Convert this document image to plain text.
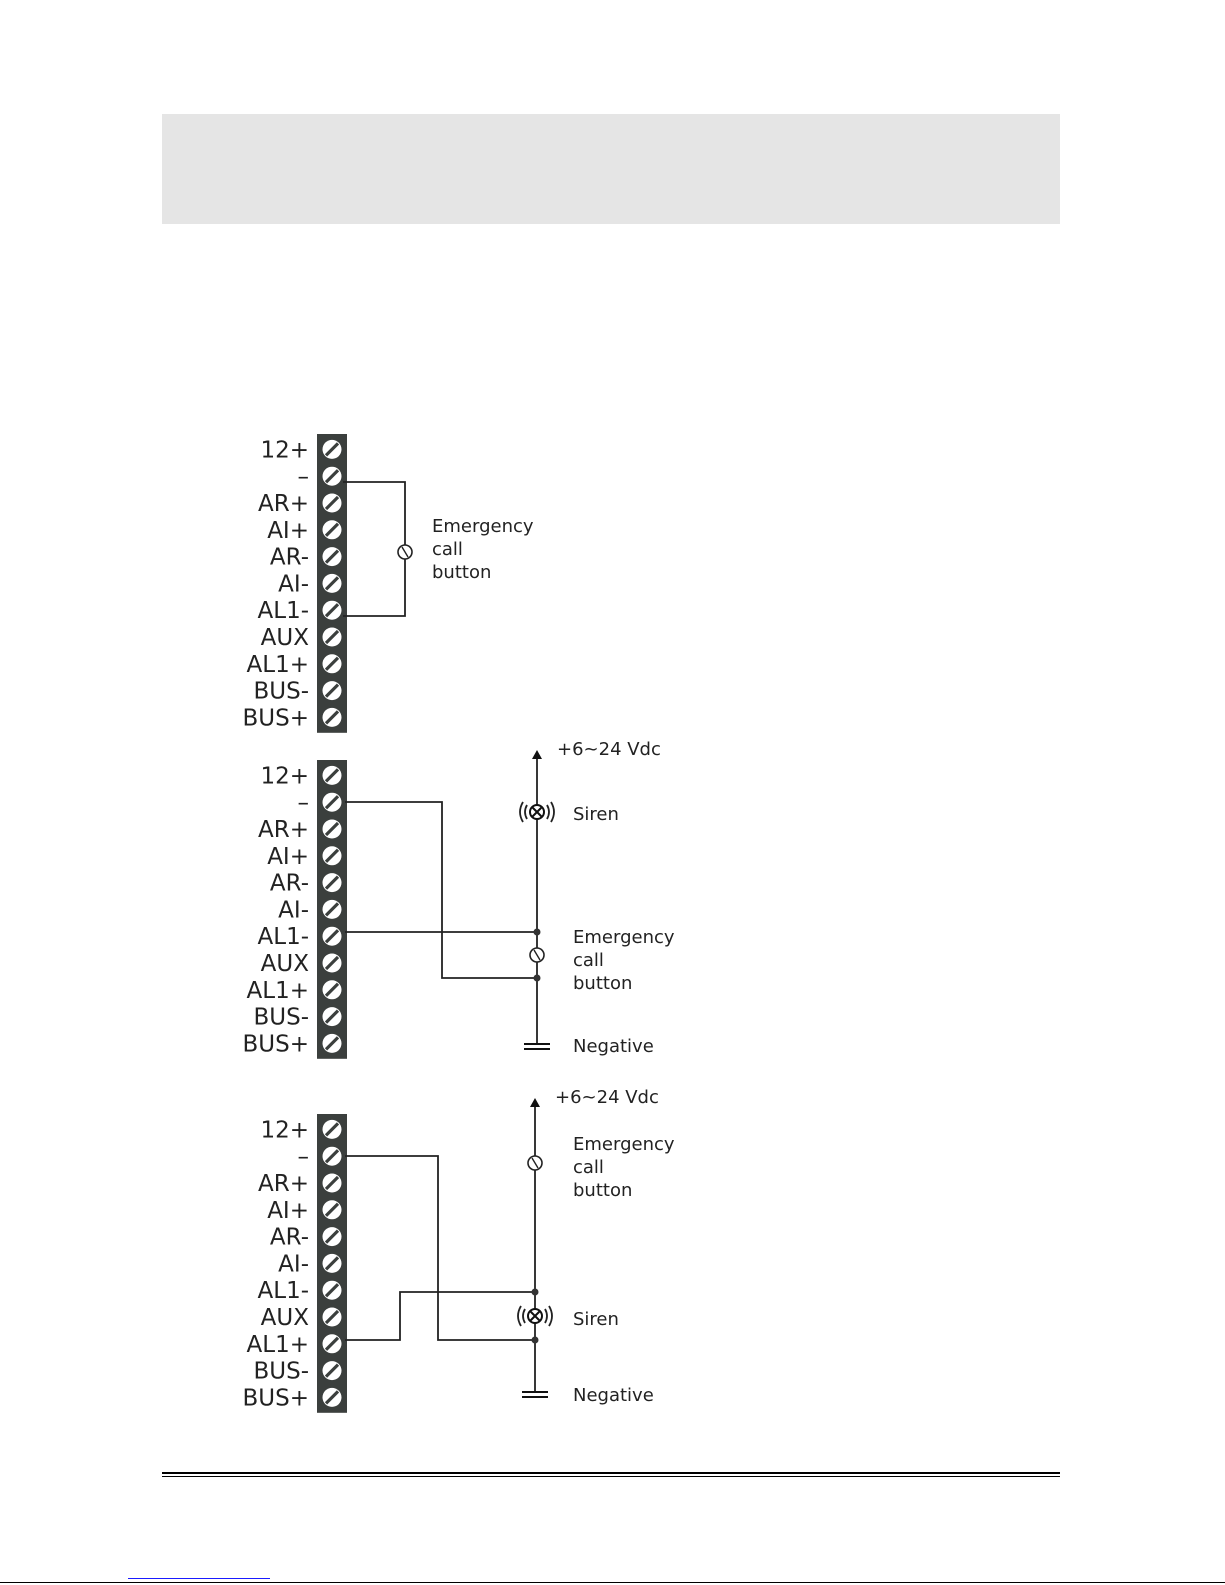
12+
–
AR+
AI+
AR-
AI-
AL1-
AUX
AL1+
BUS-
BUS+
Emergency
call
button
12+
–
AR+
AI+
AR-
AI-
AL1-
AUX
AL1+
BUS-
BUS+
+6~24 Vdc
Siren
Emergency
call
button
Negative
12+
–
AR+
AI+
AR-
AI-
AL1-
AUX
AL1+
BUS-
BUS+
+6~24 Vdc
Emergency
call
button
Siren
Negative
